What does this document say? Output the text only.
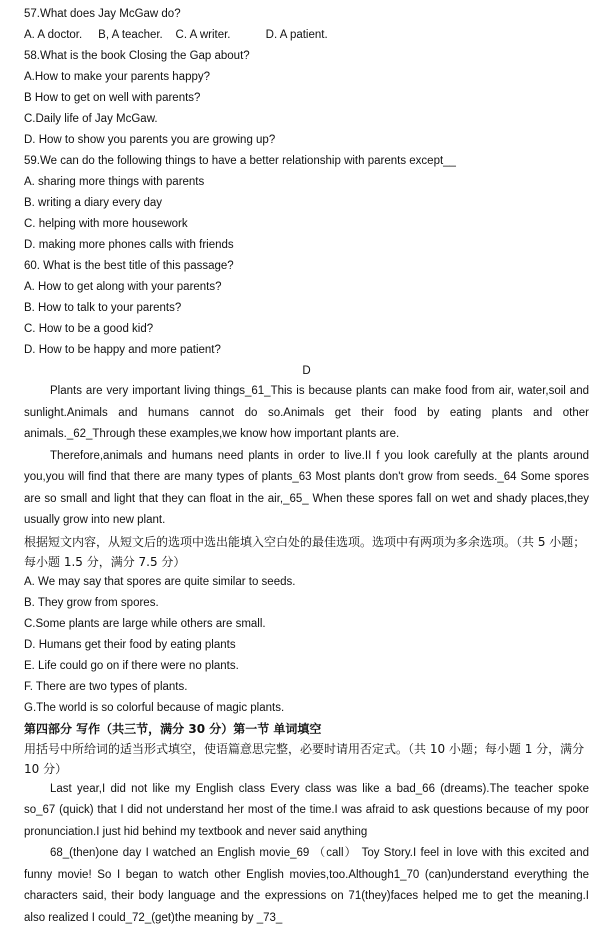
57.What does Jay McGaw do?
A. A doctor. B, A teacher. C. A writer.	D. A patient.
58.What is the book Closing the Gap about?
A.How to make your parents happy?
B How to get on well with parents?
C.Daily life of Jay McGaw.
D. How to show you parents you are growing up?
59.We can do the following things to have a better relationship with parents except__
A. sharing more things with parents
B. writing a diary every day
C. helping with more housework
D. making more phones calls with friends
60. What is the best title of this passage?
A. How to get along with your parents?
B. How to talk to your parents?
C. How to be a good kid?
D. How to be happy and more patient?
D

Plants are very important living things_61_This is because plants can make food from air, water,soil and sunlight.Animals and humans cannot do so.Animals get their food by eating plants and other animals._62_Through these examples,we know how important plants are.

Therefore,animals and humans need plants in order to live.II f you look carefully at the plants around you,you will find that there are many types of plants_63 Most plants don't grow from seeds._64 Some spores are so small and light that they can float in the air,_65_ When these spores fall on wet and shady places,they usually grow into new plant.

根据短文内容，从短文后的选项中选出能填入空白处的最佳选项。选项中有两项为多余选项。（共 5 小题；每小题 1.5 分，满分 7.5 分）

A. We may say that spores are quite similar to seeds.
B. They grow from spores.
C.Some plants are large while others are small.
D. Humans get their food by eating plants
E. Life could go on if there were no plants.
F. There are two types of plants.
G.The world is so colorful because of magic plants.

第四部分 写作（共三节，满分 30 分）第一节 单词填空

用括号中所给词的适当形式填空，使语篇意思完整，必要时请用否定式。（共 10 小题；每小题 1 分，满分 10 分）

Last year,I did not like my English class Every class was like a bad_66 (dreams).The teacher spoke so_67 (quick) that I did not understand her most of the time.I was afraid to ask questions because of my poor pronunciation.I just hid behind my textbook and never said anything

68_(then)one day I watched an English movie_69 （call） Toy Story.I feel in love with this excited and funny movie! So I began to watch other English movies,too.Although1_70 (can)understand everything the characters said, their body language and the expressions on 71(they)faces helped me to get the meaning.I also realized I could_72_(get)the meaning by _73_
